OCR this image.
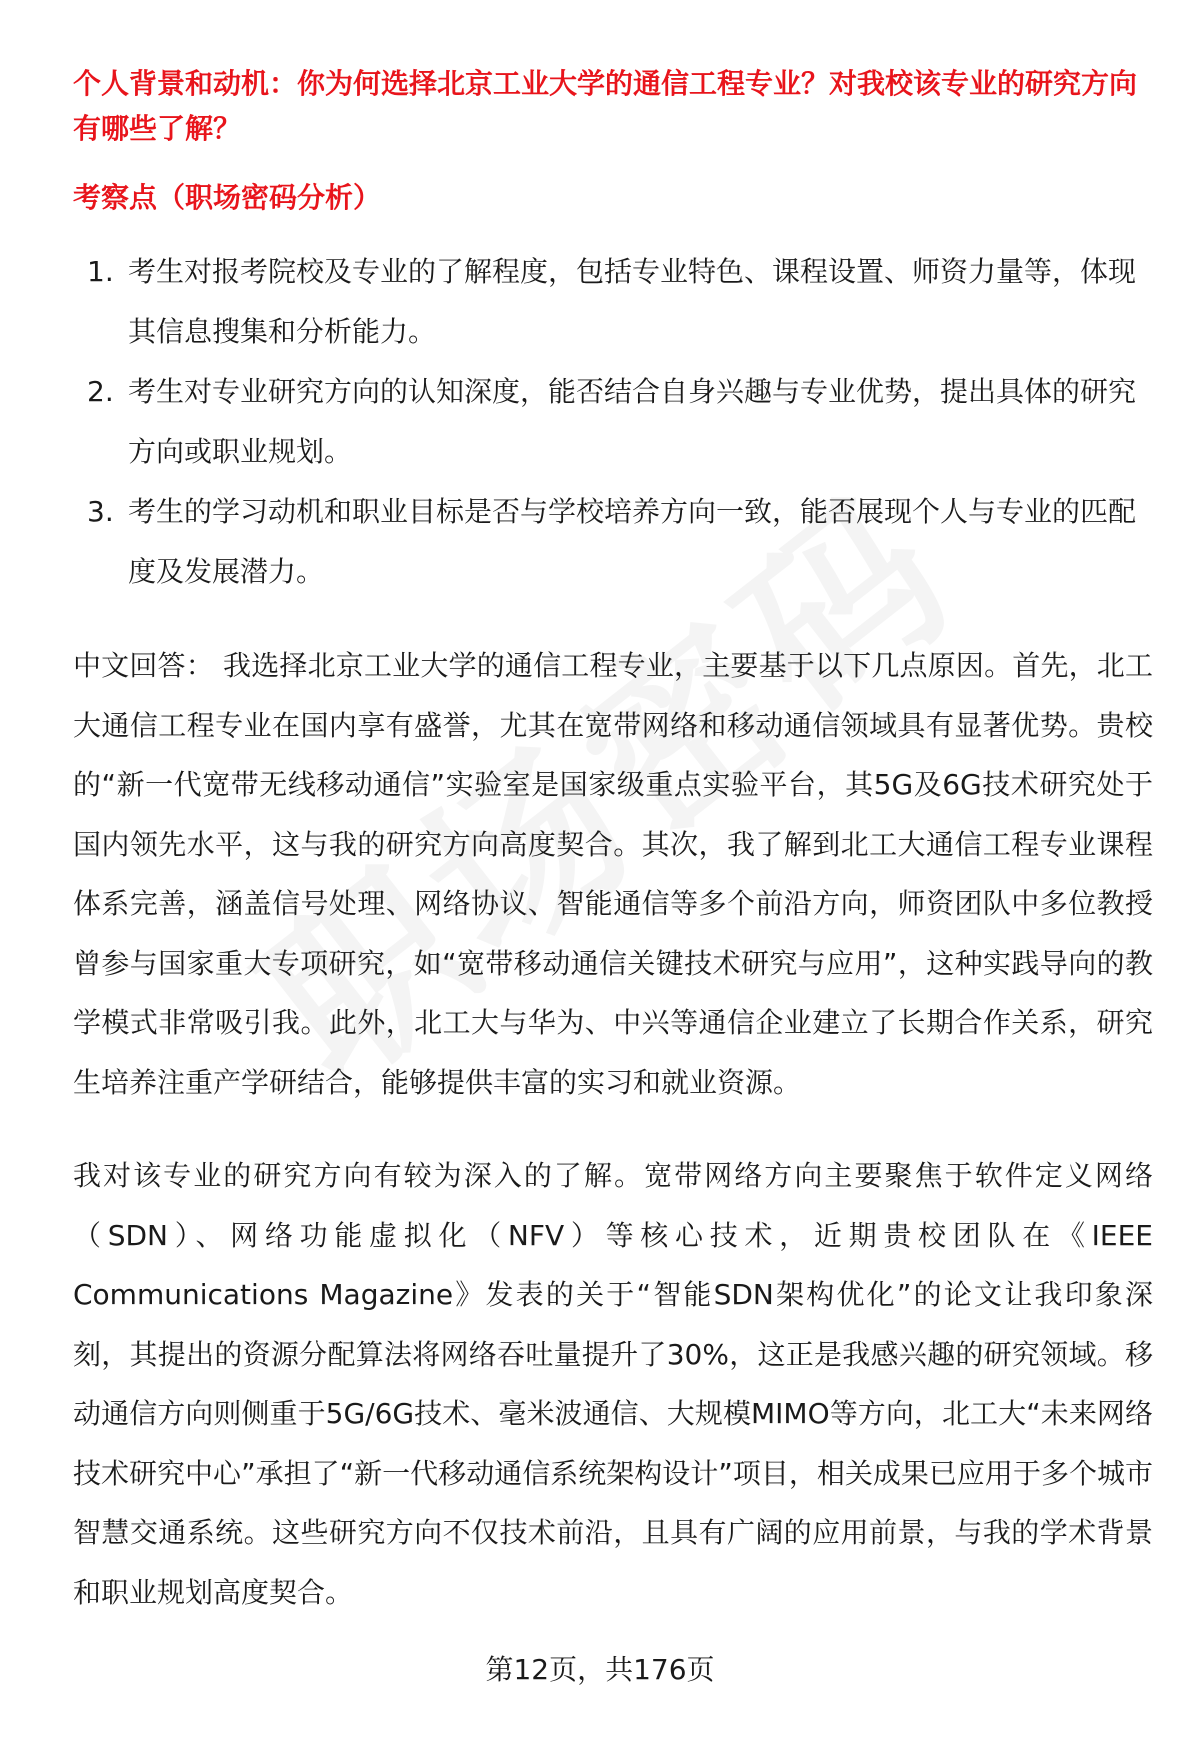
个人背景和动机：你为何选择北京工业大学的通信工程专业？对我校该专业的研究方向有哪些了解？

考察点（职场密码分析）

1. 考生对报考院校及专业的了解程度，包括专业特色、课程设置、师资力量等，体现其信息搜集和分析能力。
2. 考生对专业研究方向的认知深度，能否结合自身兴趣与专业优势，提出具体的研究方向或职业规划。
3. 考生的学习动机和职业目标是否与学校培养方向一致，能否展现个人与专业的匹配度及发展潜力。

中文回答： 我选择北京工业大学的通信工程专业，主要基于以下几点原因。首先，北工大通信工程专业在国内享有盛誉，尤其在宽带网络和移动通信领域具有显著优势。贵校的“新一代宽带无线移动通信”实验室是国家级重点实验平台，其5G及6G技术研究处于国内领先水平，这与我的研究方向高度契合。其次，我了解到北工大通信工程专业课程体系完善，涵盖信号处理、网络协议、智能通信等多个前沿方向，师资团队中多位教授曾参与国家重大专项研究，如“宽带移动通信关键技术研究与应用”，这种实践导向的教学模式非常吸引我。此外，北工大与华为、中兴等通信企业建立了长期合作关系，研究生培养注重产学研结合，能够提供丰富的实习和就业资源。

我对该专业的研究方向有较为深入的了解。宽带网络方向主要聚焦于软件定义网络（SDN）、网络功能虚拟化（NFV）等核心技术，近期贵校团队在《IEEE Communications Magazine》发表的关于“智能SDN架构优化”的论文让我印象深刻，其提出的资源分配算法将网络吞吐量提升了30%，这正是我感兴趣的研究领域。移动通信方向则侧重于5G/6G技术、毫米波通信、大规模MIMO等方向，北工大“未来网络技术研究中心”承担了“新一代移动通信系统架构设计”项目，相关成果已应用于多个城市智慧交通系统。这些研究方向不仅技术前沿，且具有广阔的应用前景，与我的学术背景和职业规划高度契合。

第12页，共176页
